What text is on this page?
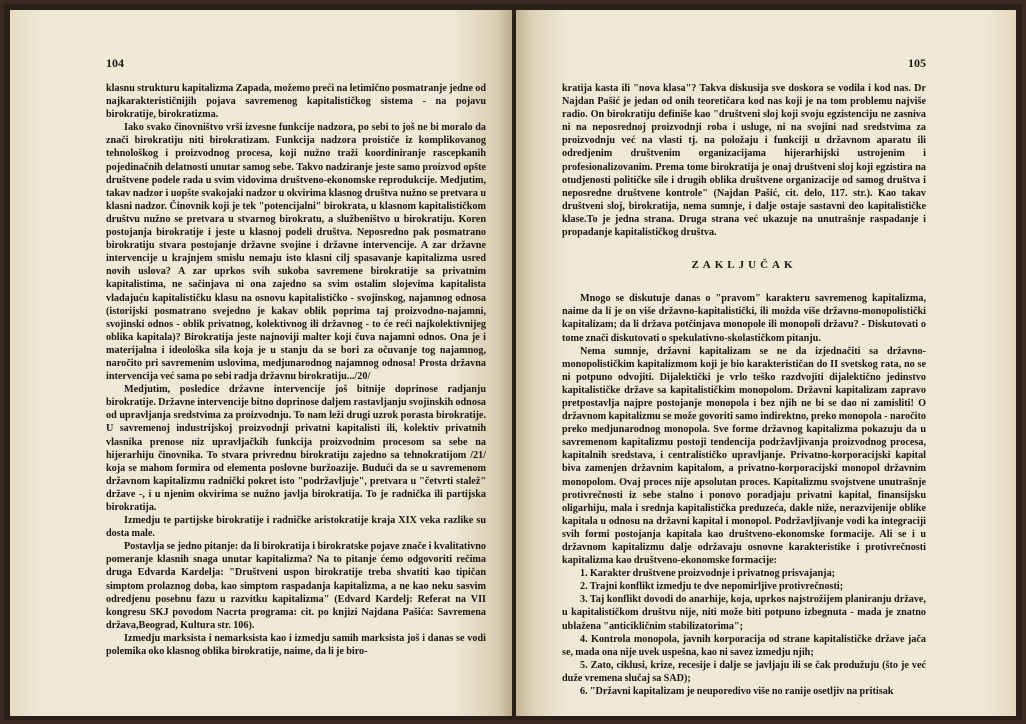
104

klasnu strukturu kapitalizma Zapada, možemo preći na letimično posmatranje jedne od najkarakterističnijih pojava savremenog kapitalističkog sistema - na pojavu birokratije, birokratizma.

Iako svako činovništvo vrši izvesne funkcije nadzora, po sebi to još ne bi moralo da znači birokratiju niti birokratizam. Funkcija nadzora proističe iz komplikovanog tehnološkog i proizvodnog procesa, koji nužno traži koordiniranje rascepkanih pojedinačnih delatnosti unutar samog sebe. Takvo nadziranje jeste samo proizvod opšte društvene podele rada u svim vidovima društveno-ekonomske reprodukcije. Medjutim, takav nadzor i uopšte svakojaki nadzor u okvirima klasnog društva nužno se pretvara u klasni nadzor. Činovnik koji je tek "potencijalni" birokrata, u klasnom kapitalističkom društvu nužno se pretvara u stvarnog birokratu, a službeništvo u birokratiju. Koren postojanja birokratije i jeste u klasnoj podeli društva. Neposredno pak posmatrano birokratiju stvara postojanje državne svojine i državne intervencije. A zar državne intervencije u krajnjem smislu nemaju isto klasni cilj spasavanje kapitalizma usred novih uslova? A zar uprkos svih sukoba savremene birokratije sa privatnim kapitalistima, ne sačinjava ni ona zajedno sa svim ostalim slojevima kapitalista vladajuću kapitalističku klasu na osnovu kapitalističko - svojinskog, najamnog odnosa (istorijski posmatrano svejedno je kakav oblik poprima taj proizvodno-najamni, svojinski odnos - oblik privatnog, kolektivnog ili državnog - to će reći najkolektivnijeg oblika kapitala)? Birokratija jeste najnoviji malter koji čuva najamni odnos. Ona je i materijalna i ideološka sila koja je u stanju da se bori za očuvanje tog najamnog, naročito pri savremenim uslovima, medjunarodnog najamnog odnosa! Prosta državna intervencija već sama po sebi radja državnu birokratiju.../20/

Medjutim, posledice državne intervencije još bitnije doprinose radjanju birokratije. Državne intervencije bitno doprinose daljem rastavljanju svojinskih odnosa od upravljanja sredstvima za proizvodnju. To nam leži drugi uzrok porasta birokratije. U savremenoj industrijskoj proizvodnji privatni kapitalisti ili, kolektiv privatnih vlasnika prenose niz upravljačkih funkcija proizvodnim procesom sa sebe na hijerarhiju činovnika. To stvara privrednu birokratiju zajedno sa tehnokratijom /21/ koja se mahom formira od elementa poslovne buržoazije. Budući da se u savremenom državnom kapitalizmu radnički pokret isto "podržavljuje", pretvara u "četvrti stalež" države -, i u njenim okvirima se nužno javlja birokratija. To je radnička ili partijska birokratija.

Izmedju te partijske birokratije i radničke aristokratije kraja XIX veka razlike su dosta male.

Postavlja se jedno pitanje: da li birokratija i birokratske pojave znače i kvalitativno pomeranje klasnih snaga unutar kapitalizma? Na to pitanje ćemo odgovoriti rečima druga Edvarda Kardelja: "Društveni uspon birokratije treba shvatiti kao tipičan simptom prolaznog doba, kao simptom raspadanja kapitalizma, a ne kao neku sasvim odredjenu posebnu fazu u razvitku kapitalizma" (Edvard Kardelj: Referat na VII kongresu SKJ povodom Nacrta programa: cit. po knjizi Najdana Pašića: Savremena država,Beograd, Kultura str. 106).

Izmedju marksista i nemarksista kao i izmedju samih marksista još i danas se vodi polemika oko klasnog oblika birokratije, naime, da li je biro-

105

kratija kasta ili "nova klasa"? Takva diskusija sve doskora se vodila i kod nas. Dr Najdan Pašić je jedan od onih teoretičara kod nas koji je na tom problemu najviše radio. On birokratiju definiše kao "društveni sloj koji svoju egzistenciju ne zasniva ni na neposrednoj proizvodnji roba i usluge, ni na svojini nad sredstvima za proizvodnju već na vlasti tj. na položaju i funkciji u državnom aparatu ili odredjenim društvenim organizacijama hijerarhijski ustrojenim i profesionalizovanim. Prema tome birokratija je onaj društveni sloj koji egzistira na otudjenosti političke sile i drugih oblika društvene organizacije od samog društva i neposredne društvene kontrole" (Najdan Pašić, cit. delo, 117. str.). Kao takav društveni sloj, birokratija, nema sumnje, i dalje ostaje sastavni deo kapitalističke klase.To je jedna strana. Druga strana već ukazuje na unutrašnje raspadanje i propadanje kapitalističkog društva.

ZAKLJUČAK

Mnogo se diskutuje danas o "pravom" karakteru savremenog kapitalizma, naime da li je on više državno-kapitalistički, ili možda više državno-monopolistički kapitalizam; da li država potčinjava monopole ili monopoli državu? - Diskutovati o tome znači diskutovati o spekulativno-skolastičkom pitanju.

Nema sumnje, državni kapitalizam se ne da izjednačiti sa državno-monopolističkim kapitalizmom koji je bio karakterističan do II svetskog rata, no se ni potpuno odvojiti. Dijalektički je vrlo teško razdvojiti dijalektično jedinstvo kapitalističke države sa kapitalističkim monopolom. Državni kapitalizam zapravo pretpostavlja najpre postojanje monopola i bez njih ne bi se dao ni zamisliti! O državnom kapitalizmu se može govoriti samo indirektno, preko monopola - naročito preko medjunarodnog monopola. Sve forme državnog kapitalizma pokazuju da u savremenom kapitalizmu postoji tendencija podržavljivanja proizvodnog procesa, kapitalnih sredstava, i centralističko upravljanje. Privatno-korporacijski kapital biva zamenjen državnim kapitalom, a privatno-korporacijski monopol državnim monopolom. Ovaj proces nije apsolutan proces. Kapitalizmu svojstvene unutrašnje protivrečnosti iz sebe stalno i ponovo poradjaju privatni kapital, finansijsku oligarhiju, mala i srednja kapitalistička preduzeća, dakle niže, nerazvijenije oblike kapitala u odnosu na državni kapital i monopol. Podržavljivanje vodi ka integraciji svih formi postojanja kapitala kao društveno-ekonomske formacije. Ali se i u državnom kapitalizmu dalje održavaju osnovne karakteristike i protivrečnosti kapitalizma kao društveno-ekonomske formacije:

1. Karakter društvene proizvodnje i privatnog prisvajanja;
2. Trajni konflikt izmedju te dve nepomirljive protivrečnosti;
3. Taj konflikt dovodi do anarhije, koja, uprkos najstrožijem planiranju države, u kapitalističkom društvu nije, niti može biti potpuno izbegnuta - mada je znatno ublažena "anticikličnim stabilizatorima";
4. Kontrola monopola, javnih korporacija od strane kapitalističke države jača se, mada ona nije uvek uspešna, kao ni savez izmedju njih;
5. Zato, ciklusi, krize, recesije i dalje se javljaju ili se čak produžuju (što je već duže vremena slučaj sa SAD);
6. "Državni kapitalizam je neuporedivo više no ranije osetljiv na pritisak
